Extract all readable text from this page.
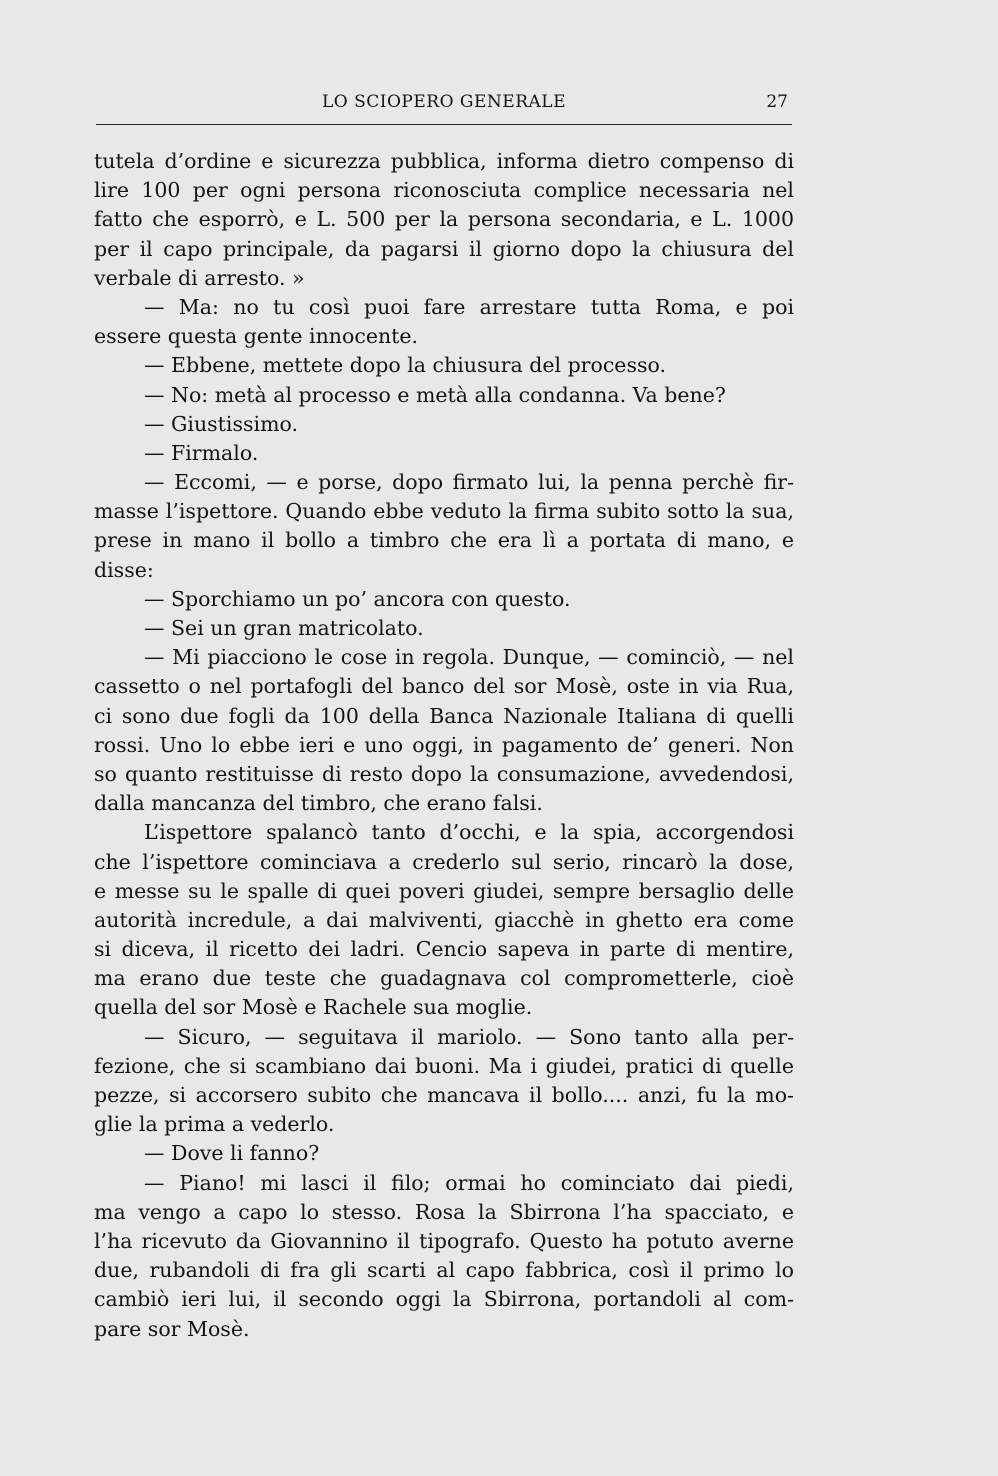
LO SCIOPERO GENERALE	27
tutela d’ordine e sicurezza pubblica, informa dietro compenso di
lire 100 per ogni persona riconosciuta complice necessaria nel
fatto che esporrò, e L. 500 per la persona secondaria, e L. 1000
per il capo principale, da pagarsi il giorno dopo la chiusura del
verbale di arresto. »
— Ma: no tu così puoi fare arrestare tutta Roma, e poi
essere questa gente innocente.
— Ebbene, mettete dopo la chiusura del processo.
— No: metà al processo e metà alla condanna. Va bene?
— Giustissimo.
— Firmalo.
— Eccomi, — e porse, dopo firmato lui, la penna perchè fir-
masse l’ispettore. Quando ebbe veduto la firma subito sotto la sua,
prese in mano il bollo a timbro che era lì a portata di mano, e
disse:
— Sporchiamo un po’ ancora con questo.
— Sei un gran matricolato.
— Mi piacciono le cose in regola. Dunque, — cominciò, — nel
cassetto o nel portafogli del banco del sor Mosè, oste in via Rua,
ci sono due fogli da 100 della Banca Nazionale Italiana di quelli
rossi. Uno lo ebbe ieri e uno oggi, in pagamento de’ generi. Non
so quanto restituisse di resto dopo la consumazione, avvedendosi,
dalla mancanza del timbro, che erano falsi.
L’ispettore spalancò tanto d’occhi, e la spia, accorgendosi
che l’ispettore cominciava a crederlo sul serio, rincarò la dose,
e messe su le spalle di quei poveri giudei, sempre bersaglio delle
autorità incredule, a dai malviventi, giacchè in ghetto era come
si diceva, il ricetto dei ladri. Cencio sapeva in parte di mentire,
ma erano due teste che guadagnava col comprometterle, cioè
quella del sor Mosè e Rachele sua moglie.
— Sicuro, — seguitava il mariolo. — Sono tanto alla per-
fezione, che si scambiano dai buoni. Ma i giudei, pratici di quelle
pezze, si accorsero subito che mancava il bollo.... anzi, fu la mo-
glie la prima a vederlo.
— Dove li fanno?
— Piano! mi lasci il filo; ormai ho cominciato dai piedi,
ma vengo a capo lo stesso. Rosa la Sbirrona l’ha spacciato, e
l’ha ricevuto da Giovannino il tipografo. Questo ha potuto averne
due, rubandoli di fra gli scarti al capo fabbrica, così il primo lo
cambiò ieri lui, il secondo oggi la Sbirrona, portandoli al com-
pare sor Mosè.
